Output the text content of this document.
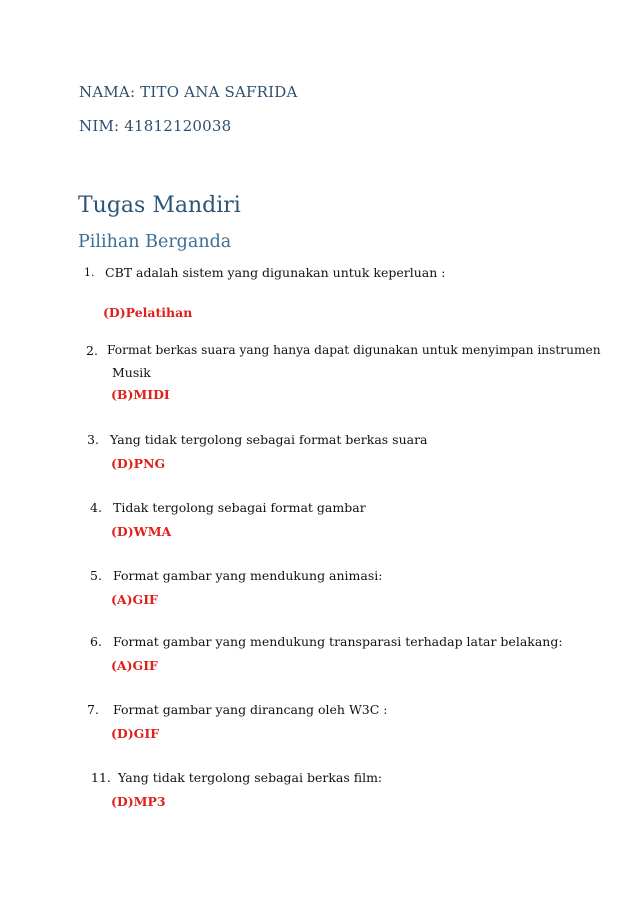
NAMA: TITO ANA SAFRIDA
NIM: 41812120038
Tugas Mandiri
Pilihan Berganda
1. CBT adalah sistem yang digunakan untuk keperluan :
(D)Pelatihan
2. Format berkas suara yang hanya dapat digunakan untuk menyimpan instrumen
Musik
(B)MIDI
3. Yang tidak tergolong sebagai format berkas suara
(D)PNG
4. Tidak tergolong sebagai format gambar
(D)WMA
5. Format gambar yang mendukung animasi:
(A)GIF
6. Format gambar yang mendukung transparasi terhadap latar belakang:
(A)GIF
7. Format gambar yang dirancang oleh W3C :
(D)GIF
11. Yang tidak tergolong sebagai berkas film:
(D)MP3
